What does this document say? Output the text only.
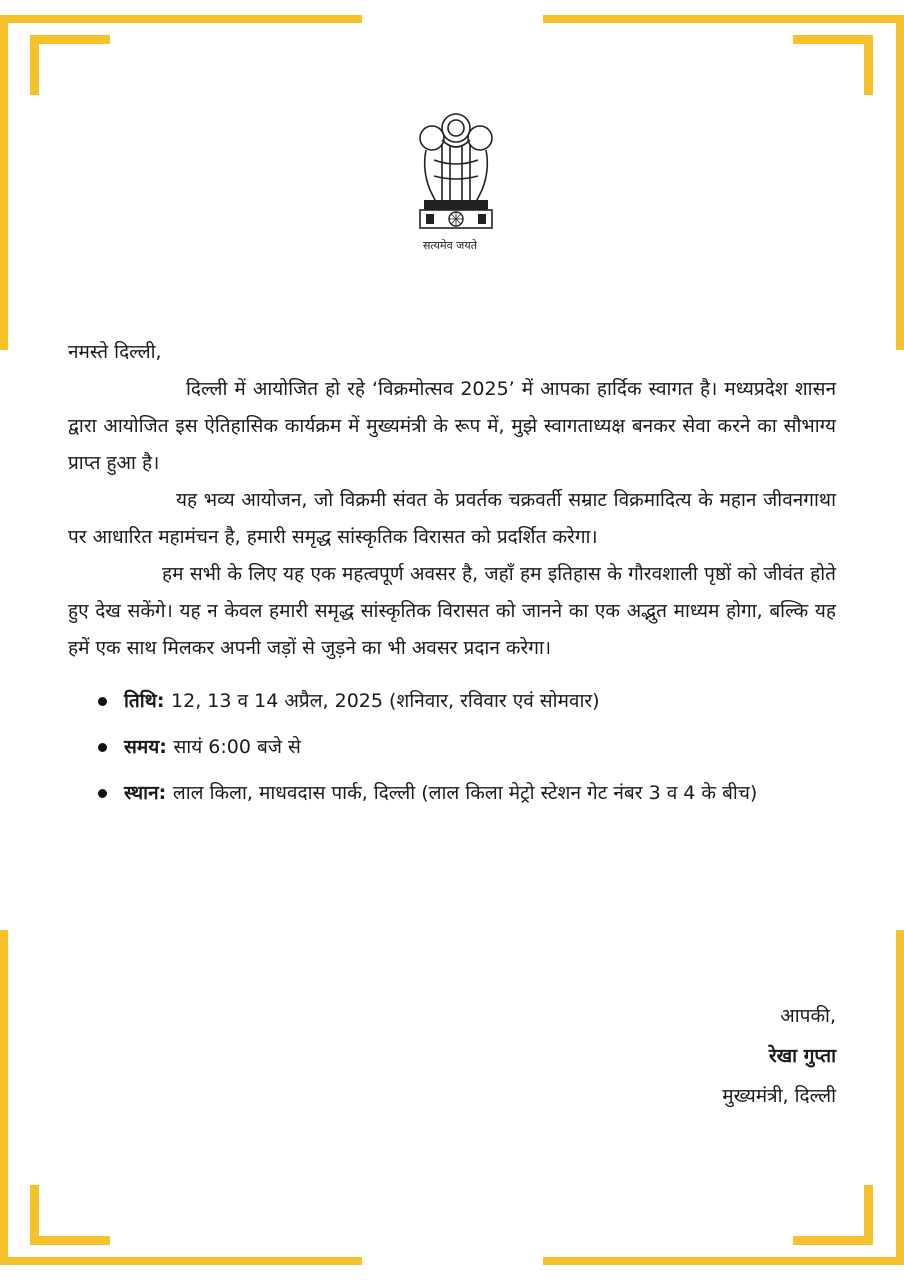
सत्यमेव जयते

नमस्ते दिल्ली,

दिल्ली में आयोजित हो रहे ‘विक्रमोत्सव 2025’ में आपका हार्दिक स्वागत है। मध्यप्रदेश शासन द्वारा आयोजित इस ऐतिहासिक कार्यक्रम में मुख्यमंत्री के रूप में, मुझे स्वागताध्यक्ष बनकर सेवा करने का सौभाग्य प्राप्त हुआ है।

यह भव्य आयोजन, जो विक्रमी संवत के प्रवर्तक चक्रवर्ती सम्राट विक्रमादित्य के महान जीवनगाथा पर आधारित महामंचन है, हमारी समृद्ध सांस्कृतिक विरासत को प्रदर्शित करेगा।

हम सभी के लिए यह एक महत्वपूर्ण अवसर है, जहाँ हम इतिहास के गौरवशाली पृष्ठों को जीवंत होते हुए देख सकेंगे। यह न केवल हमारी समृद्ध सांस्कृतिक विरासत को जानने का एक अद्भुत माध्यम होगा, बल्कि यह हमें एक साथ मिलकर अपनी जड़ों से जुड़ने का भी अवसर प्रदान करेगा।

तिथि: 12, 13 व 14 अप्रैल, 2025 (शनिवार, रविवार एवं सोमवार)
समय: सायं 6:00 बजे से
स्थान: लाल किला, माधवदास पार्क, दिल्ली (लाल किला मेट्रो स्टेशन गेट नंबर 3 व 4 के बीच)
आपकी,
रेखा गुप्ता
मुख्यमंत्री, दिल्ली
